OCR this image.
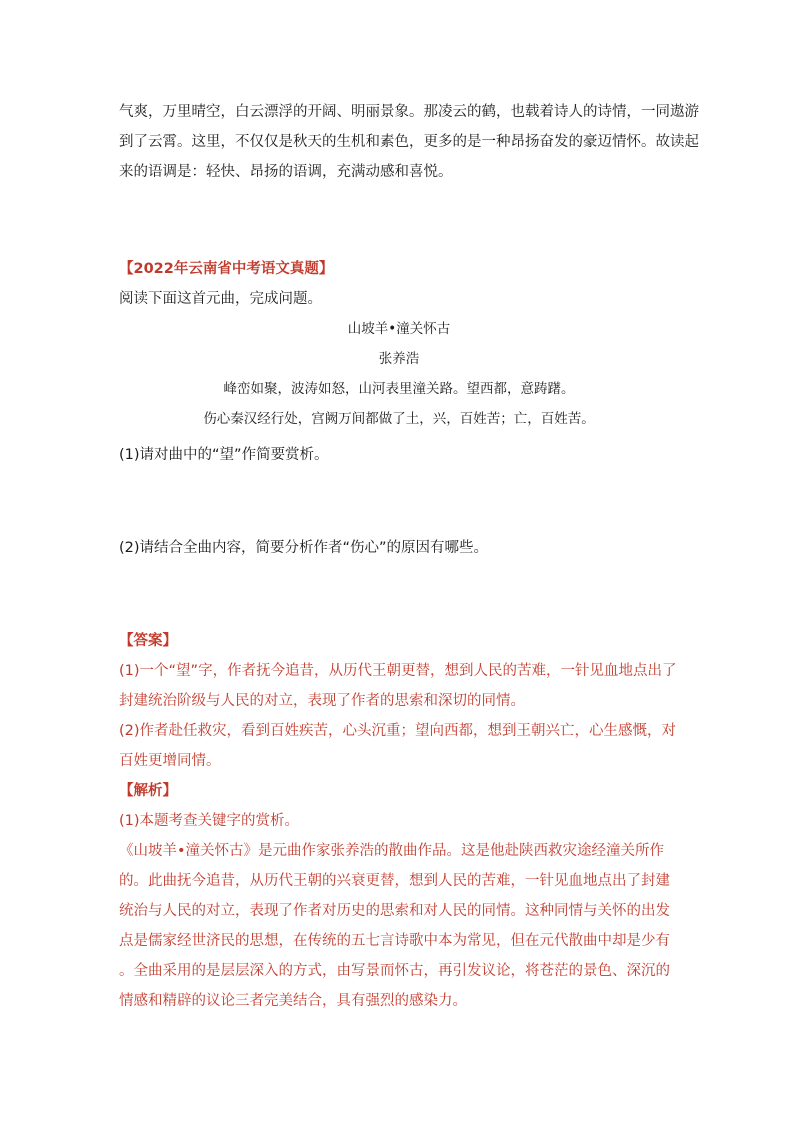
气爽，万里晴空，白云漂浮的开阔、明丽景象。那凌云的鹤，也载着诗人的诗情，一同遨游
到了云霄。这里，不仅仅是秋天的生机和素色，更多的是一种昂扬奋发的豪迈情怀。故读起
来的语调是：轻快、昂扬的语调，充满动感和喜悦。
【2022年云南省中考语文真题】
阅读下面这首元曲，完成问题。
山坡羊•潼关怀古
张养浩
峰峦如聚，波涛如怒，山河表里潼关路。望西都，意踌躇。
伤心秦汉经行处，宫阙万间都做了土，兴，百姓苦；亡，百姓苦。
(1)请对曲中的“望”作简要赏析。
(2)请结合全曲内容，简要分析作者“伤心”的原因有哪些。
【答案】
(1)一个“望”字，作者抚今追昔，从历代王朝更替，想到人民的苦难，一针见血地点出了
封建统治阶级与人民的对立，表现了作者的思索和深切的同情。
(2)作者赴任救灾，看到百姓疾苦，心头沉重；望向西都，想到王朝兴亡，心生感慨，对
百姓更增同情。
【解析】
(1)本题考查关键字的赏析。
《山坡羊•潼关怀古》是元曲作家张养浩的散曲作品。这是他赴陕西救灾途经潼关所作
的。此曲抚今追昔，从历代王朝的兴衰更替，想到人民的苦难，一针见血地点出了封建
统治与人民的对立，表现了作者对历史的思索和对人民的同情。这种同情与关怀的出发
点是儒家经世济民的思想，在传统的五七言诗歌中本为常见，但在元代散曲中却是少有
。全曲采用的是层层深入的方式，由写景而怀古，再引发议论，将苍茫的景色、深沉的
情感和精辟的议论三者完美结合，具有强烈的感染力。
